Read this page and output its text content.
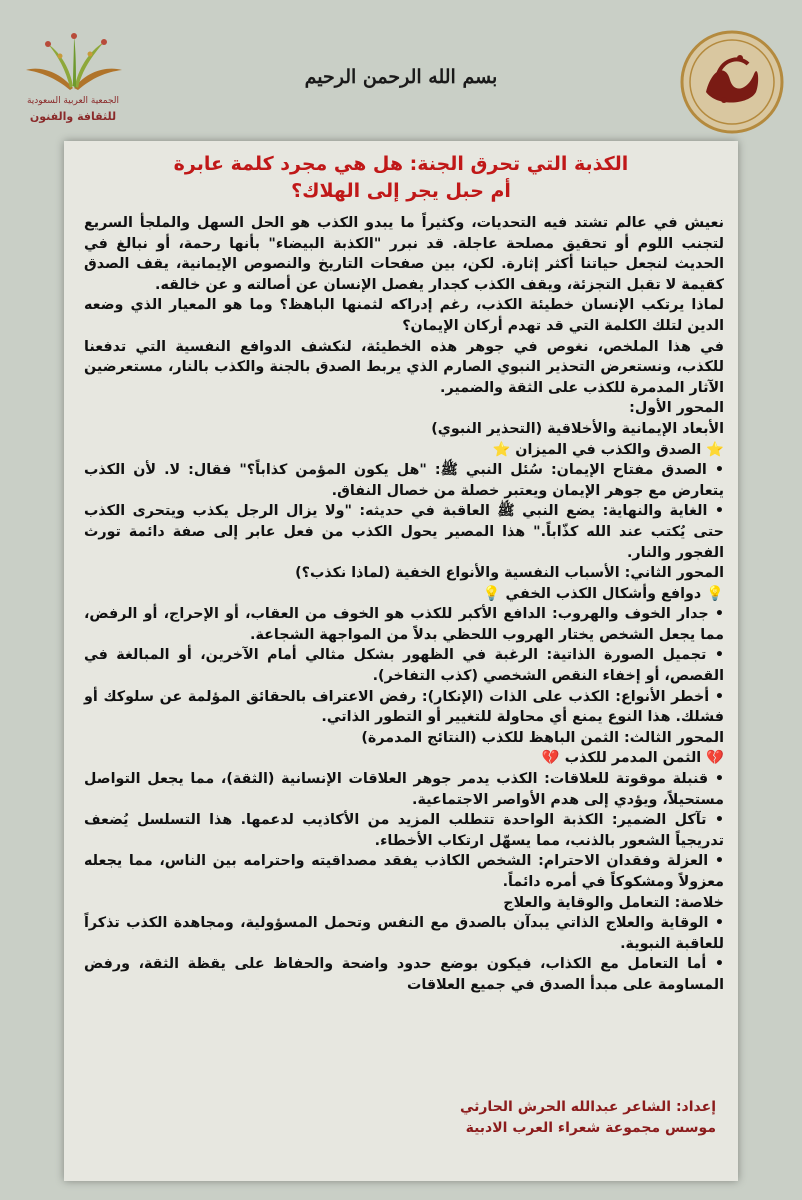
الجمعية العربية السعودية
للثقافة والفنون
بسم الله الرحمن الرحيم
الكذبة التي تحرق الجنة: هل هي مجرد كلمة عابرة
أم حبل يجر إلى الهلاك؟

نعيش في عالم تشتد فيه التحديات، وكثيراً ما يبدو الكذب هو الحل السهل والملجأ السريع لتجنب اللوم أو تحقيق مصلحة عاجلة. قد نبرر "الكذبة البيضاء" بأنها رحمة، أو نبالغ في الحديث لنجعل حياتنا أكثر إثارة. لكن، بين صفحات التاريخ والنصوص الإيمانية، يقف الصدق كقيمة لا تقبل التجزئة، ويقف الكذب كجدار يفصل الإنسان عن أصالته و عن خالقه.

لماذا يرتكب الإنسان خطيئة الكذب، رغم إدراكه لثمنها الباهظ؟ وما هو المعيار الذي وضعه الدين لتلك الكلمة التي قد تهدم أركان الإيمان؟

في هذا الملخص، نغوص في جوهر هذه الخطيئة، لنكشف الدوافع النفسية التي تدفعنا للكذب، ونستعرض التحذير النبوي الصارم الذي يربط الصدق بالجنة والكذب بالنار، مستعرضين الآثار المدمرة للكذب على الثقة والضمير.

المحور الأول:

الأبعاد الإيمانية والأخلاقية (التحذير النبوي)

⭐ الصدق والكذب في الميزان ⭐

• الصدق مفتاح الإيمان: سُئل النبي ﷺ: "هل يكون المؤمن كذاباً؟" فقال: لا. لأن الكذب يتعارض مع جوهر الإيمان ويعتبر خصلة من خصال النفاق.

• الغاية والنهاية: يضع النبي ﷺ العاقبة في حديثه: "ولا يزال الرجل يكذب ويتحرى الكذب حتى يُكتب عند الله كذّاباً." هذا المصير يحول الكذب من فعل عابر إلى صفة دائمة تورث الفجور والنار.

المحور الثاني: الأسباب النفسية والأنواع الخفية (لماذا نكذب؟)

💡 دوافع وأشكال الكذب الخفي 💡

• جدار الخوف والهروب: الدافع الأكبر للكذب هو الخوف من العقاب، أو الإحراج، أو الرفض، مما يجعل الشخص يختار الهروب اللحظي بدلاً من المواجهة الشجاعة.

• تجميل الصورة الذاتية: الرغبة في الظهور بشكل مثالي أمام الآخرين، أو المبالغة في القصص، أو إخفاء النقص الشخصي (كذب التفاخر).

• أخطر الأنواع: الكذب على الذات (الإنكار): رفض الاعتراف بالحقائق المؤلمة عن سلوكك أو فشلك. هذا النوع يمنع أي محاولة للتغيير أو التطور الذاتي.

المحور الثالث: الثمن الباهظ للكذب (النتائج المدمرة)

💔 الثمن المدمر للكذب 💔

• قنبلة موقوتة للعلاقات: الكذب يدمر جوهر العلاقات الإنسانية (الثقة)، مما يجعل التواصل مستحيلاً، ويؤدي إلى هدم الأواصر الاجتماعية.

• تآكل الضمير: الكذبة الواحدة تتطلب المزيد من الأكاذيب لدعمها. هذا التسلسل يُضعف تدريجياً الشعور بالذنب، مما يسهّل ارتكاب الأخطاء.

• العزلة وفقدان الاحترام: الشخص الكاذب يفقد مصداقيته واحترامه بين الناس، مما يجعله معزولاً ومشكوكاً في أمره دائماً.

خلاصة: التعامل والوقاية والعلاج

• الوقاية والعلاج الذاتي يبدآن بالصدق مع النفس وتحمل المسؤولية، ومجاهدة الكذب تذكراً للعاقبة النبوية.

• أما التعامل مع الكذاب، فيكون بوضع حدود واضحة والحفاظ على يقظة الثقة، ورفض المساومة على مبدأ الصدق في جميع العلاقات

إعداد: الشاعر عبدالله الحرش الحارثي
موسس مجموعة شعراء العرب الادبية
